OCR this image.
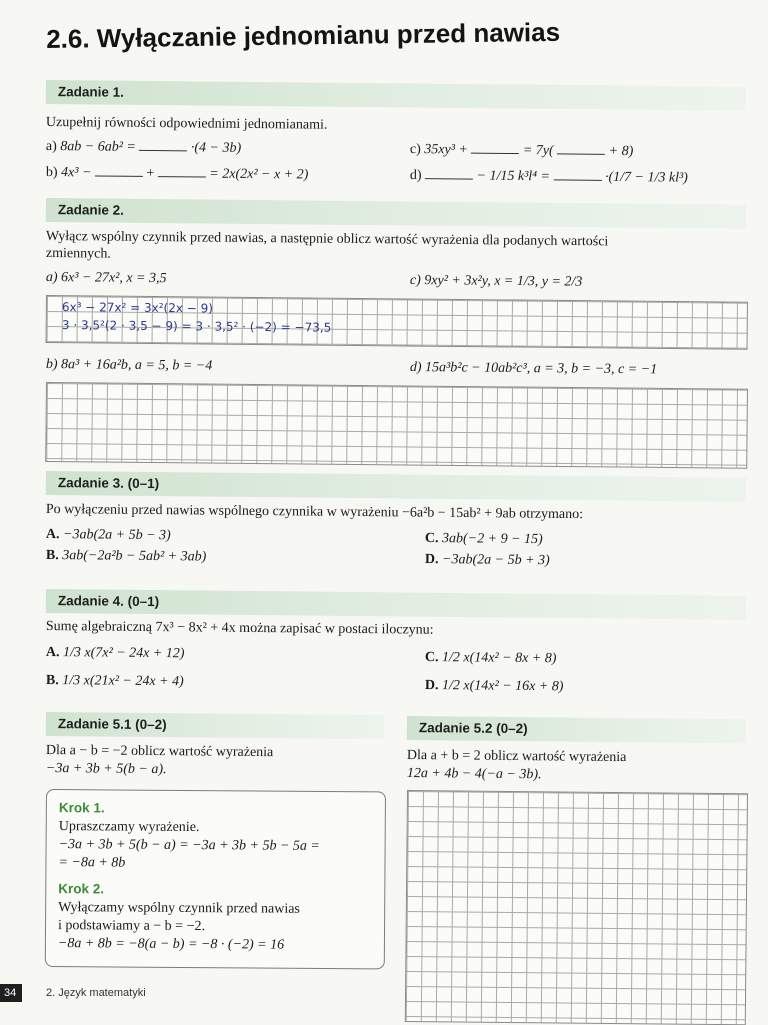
2.6. Wyłączanie jednomianu przed nawias
Zadanie 1.
Uzupełnij równości odpowiednimi jednomianami.
a) 8ab − 6ab² =	·(4 − 3b)
b) 4x³ −	+	= 2x(2x² − x + 2)
c) 35xy³ +	= 7y(	+ 8)
d)	− 1/15 k³l⁴ =	·(1/7 − 1/3 kl³)
Zadanie 2.
Wyłącz wspólny czynnik przed nawias, a następnie oblicz wartość wyrażenia dla podanych wartości
zmiennych.
a) 6x³ − 27x², x = 3,5	c) 9xy² + 3x²y, x = 1/3, y = 2/3
6x³ − 27x² = 3x²(2x − 9)
3 · 3,5²(2 · 3,5 − 9) = 3 · 3,5² · (−2) = −73,5
b) 8a³ + 16a²b, a = 5, b = −4	d) 15a³b²c − 10ab²c³, a = 3, b = −3, c = −1
Zadanie 3. (0–1)
Po wyłączeniu przed nawias wspólnego czynnika w wyrażeniu −6a²b − 15ab² + 9ab otrzymano:
A. −3ab(2a + 5b − 3)
B. 3ab(−2a²b − 5ab² + 3ab)
C. 3ab(−2 + 9 − 15)
D. −3ab(2a − 5b + 3)
Zadanie 4. (0–1)
Sumę algebraiczną 7x³ − 8x² + 4x można zapisać w postaci iloczynu:
A. 1/3 x(7x² − 24x + 12)
B. 1/3 x(21x² − 24x + 4)
C. 1/2 x(14x² − 8x + 8)
D. 1/2 x(14x² − 16x + 8)
Zadanie 5.1 (0–2)
Dla a − b = −2 oblicz wartość wyrażenia
−3a + 3b + 5(b − a).
Krok 1.
Upraszczamy wyrażenie.
−3a + 3b + 5(b − a) = −3a + 3b + 5b − 5a =
= −8a + 8b
Krok 2.
Wyłączamy wspólny czynnik przed nawias
i podstawiamy a − b = −2.
−8a + 8b = −8(a − b) = −8 · (−2) = 16
Zadanie 5.2 (0–2)
Dla a + b = 2 oblicz wartość wyrażenia
12a + 4b − 4(−a − 3b).
34	2. Język matematyki
